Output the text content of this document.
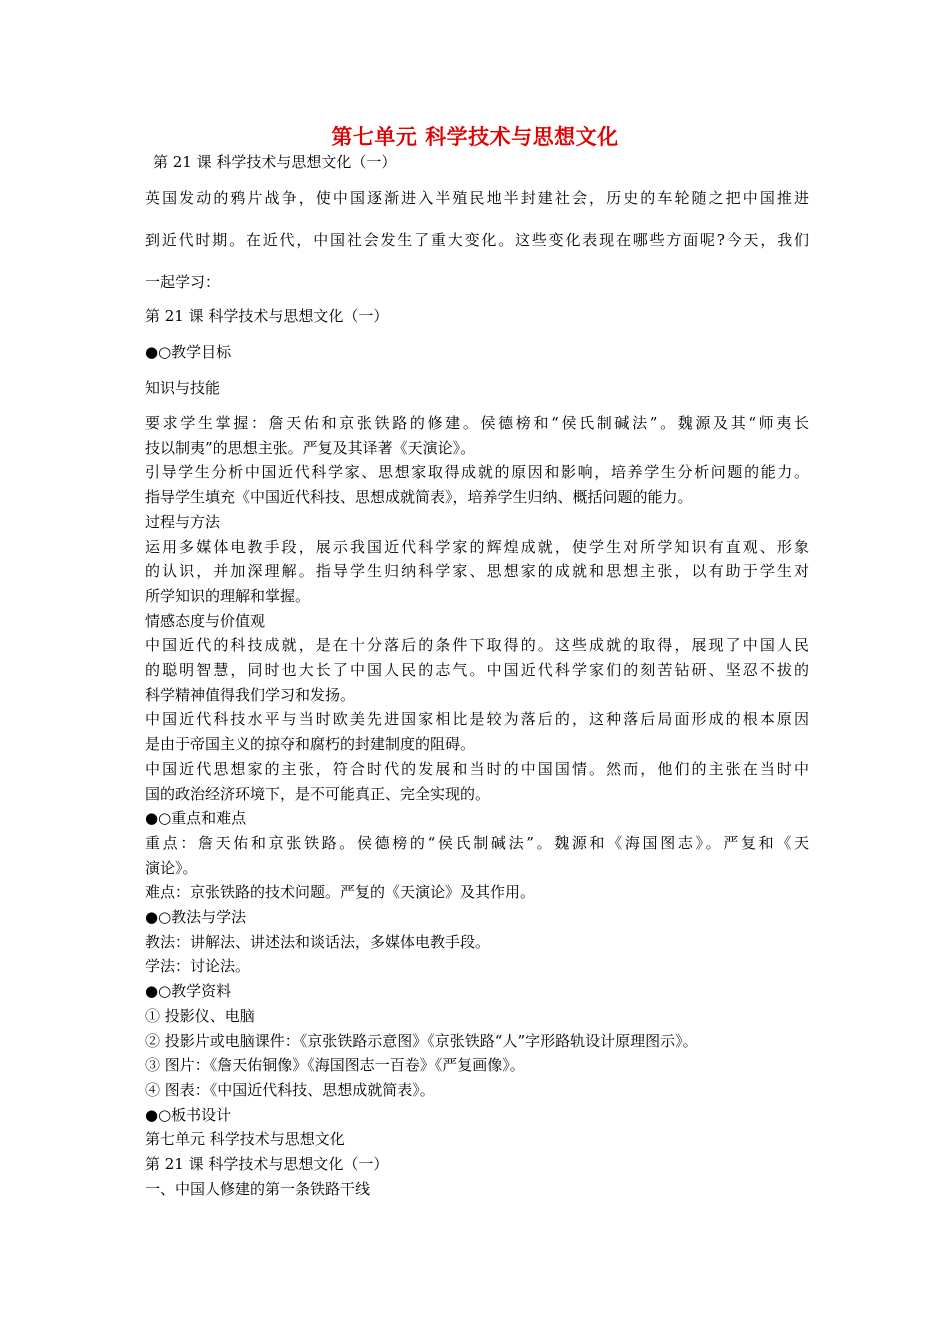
第七单元 科学技术与思想文化
第 21 课 科学技术与思想文化（一）
英国发动的鸦片战争，使中国逐渐进入半殖民地半封建社会，历史的车轮随之把中国推进
到近代时期。在近代，中国社会发生了重大变化。这些变化表现在哪些方面呢?今天，我们
一起学习：
第 21 课 科学技术与思想文化（一）
●○教学目标
知识与技能
要求学生掌握：詹天佑和京张铁路的修建。侯德榜和“侯氏制碱法”。魏源及其“师夷长
技以制夷”的思想主张。严复及其译著《天演论》。
引导学生分析中国近代科学家、思想家取得成就的原因和影响，培养学生分析问题的能力。
指导学生填充《中国近代科技、思想成就简表》，培养学生归纳、概括问题的能力。
过程与方法
运用多媒体电教手段，展示我国近代科学家的辉煌成就，使学生对所学知识有直观、形象
的认识，并加深理解。指导学生归纳科学家、思想家的成就和思想主张，以有助于学生对
所学知识的理解和掌握。
情感态度与价值观
中国近代的科技成就，是在十分落后的条件下取得的。这些成就的取得，展现了中国人民
的聪明智慧，同时也大长了中国人民的志气。中国近代科学家们的刻苦钻研、坚忍不拔的
科学精神值得我们学习和发扬。
中国近代科技水平与当时欧美先进国家相比是较为落后的，这种落后局面形成的根本原因
是由于帝国主义的掠夺和腐朽的封建制度的阻碍。
中国近代思想家的主张，符合时代的发展和当时的中国国情。然而，他们的主张在当时中
国的政治经济环境下，是不可能真正、完全实现的。
●○重点和难点
重点：詹天佑和京张铁路。侯德榜的“侯氏制碱法”。魏源和《海国图志》。严复和《天
演论》。
难点：京张铁路的技术问题。严复的《天演论》及其作用。
●○教法与学法
教法：讲解法、讲述法和谈话法，多媒体电教手段。
学法：讨论法。
●○教学资料
① 投影仪、电脑
② 投影片或电脑课件：《京张铁路示意图》《京张铁路“人”字形路轨设计原理图示》。
③ 图片：《詹天佑铜像》《海国图志一百卷》《严复画像》。
④ 图表：《中国近代科技、思想成就简表》。
●○板书设计
第七单元 科学技术与思想文化
第 21 课 科学技术与思想文化（一）
一、中国人修建的第一条铁路干线
